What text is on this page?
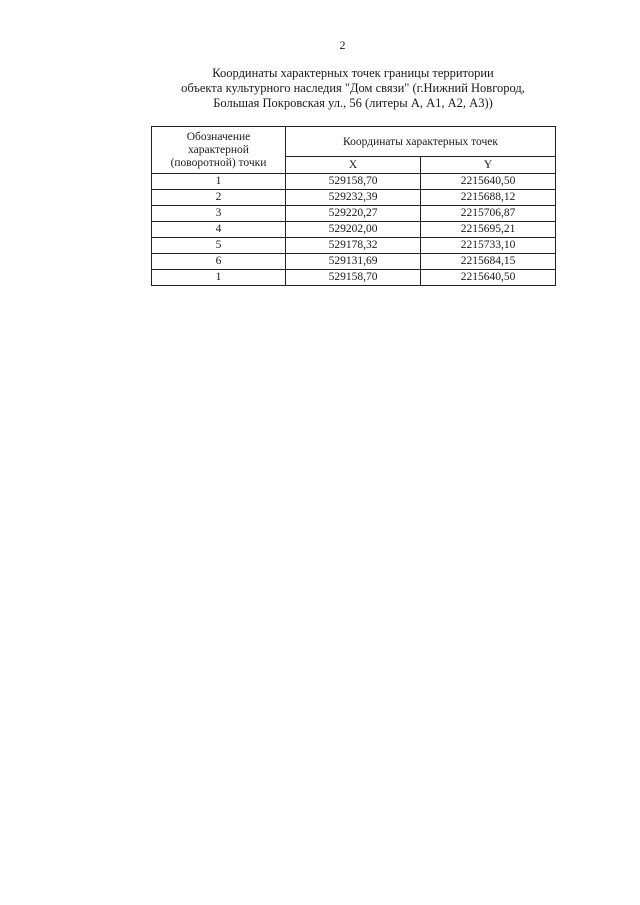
2
Координаты характерных точек границы территории
объекта культурного наследия "Дом связи" (г.Нижний Новгород,
Большая Покровская ул., 56 (литеры А, А1, А2, А3))
Обозначение
характерной
(поворотной) точки	Координаты характерных точек	
	X	Y
1	529158,70	2215640,50
2	529232,39	2215688,12
3	529220,27	2215706,87
4	529202,00	2215695,21
5	529178,32	2215733,10
6	529131,69	2215684,15
1	529158,70	2215640,50
